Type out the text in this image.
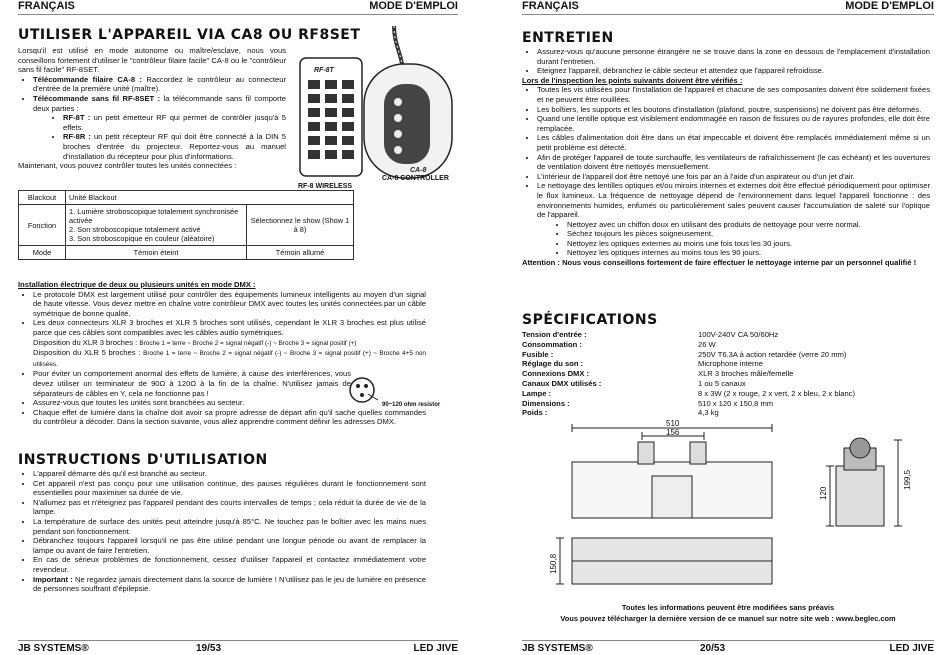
FRANÇAIS	MODE D'EMPLOI
UTILISER L'APPAREIL VIA CA8 OU RF8SET

Lorsqu'il est utilisé en mode autonome ou maître/esclave, nous vous conseillons fortement d'utiliser le "contrôleur filaire facile" CA-8 ou le "contrôleur sans fil facile" RF-8SET.

• Télécommande filaire CA-8 : Raccordez le contrôleur au connecteur d'entrée de la première unité (maître).
• Télécommande sans fil RF-8SET : la télécommande sans fil comporte deux parties :
• RF-8T : un petit émetteur RF qui permet de contrôler jusqu'à 5 effets.
• RF-8R : un petit récepteur RF qui doit être connecté à la DIN 5 broches d'entrée du projecteur. Reportez-vous au manuel d'installation du récepteur pour plus d'informations.

Maintenant, vous pouvez contrôler toutes les unités connectées :

CA-8
RF-8T
RF-8 WIRELESS
CA-8 CONTROLLER
Blackout	Unité Blackout	
Fonction	1. Lumière stroboscopique totalement synchronisée activée
2. Son stroboscopique totalement activé
3. Son stroboscopique en couleur (aléatoire)	Sélectionnez le show (Show 1 à 8)
Mode	Témoin éteint	Témoin allumé

Installation électrique de deux ou plusieurs unités en mode DMX :

• Le protocole DMX est largement utilisé pour contrôler des équipements lumineux intelligents au moyen d'un signal de haute vitesse. Vous devez mettre en chaîne votre contrôleur DMX avec toutes les unités connectées par un câble symétrique de bonne qualité.
• Les deux connecteurs XLR 3 broches et XLR 5 broches sont utilisés, cependant le XLR 3 broches est plus utilisé parce que ces câbles sont compatibles avec les câbles audio symétriques.
Disposition du XLR 3 broches : Broche 1 = terre ~ Broche 2 = signal négatif (-) ~ Broche 3 = signal positif (+)
Disposition du XLR 5 broches : Broche 1 = terre ~ Broche 2 = signal négatif (-) ~ Broche 3 = signal positif (+) ~ Broche 4+5 non utilisées.
• Pour éviter un comportement anormal des effets de lumière, à cause des interférences, vous devez utiliser un terminateur de 90Ω à 120Ω à la fin de la chaîne. N'utilisez jamais de séparateurs de câbles en Y, cela ne fonctionne pas !
• Assurez-vous que toutes les unités sont branchées au secteur.
• Chaque effet de lumière dans la chaîne doit avoir sa propre adresse de départ afin qu'il sache quelles commandes du contrôleur à décoder. Dans la section suivante, vous allez apprendre comment définir les adresses DMX.
90~120 ohm resistor
INSTRUCTIONS D'UTILISATION
• L'appareil démarre dès qu'il est branché au secteur.
• Cet appareil n'est pas conçu pour une utilisation continue, des pauses régulières durant le fonctionnement sont essentielles pour maximiser sa durée de vie.
• N'allumez pas et n'éteignez pas l'appareil pendant des courts intervalles de temps ; cela réduit la durée de vie de la lampe.
• La température de surface des unités peut atteindre jusqu'à 85°C. Ne touchez pas le boîtier avec les mains nues pendant son fonctionnement.
• Débranchez toujours l'appareil lorsqu'il ne pas être utilisé pendant une longue période ou avant de remplacer la lampe ou avant de faire l'entretien.
• En cas de sérieux problèmes de fonctionnement, cessez d'utiliser l'appareil et contactez immédiatement votre revendeur.
• Important : Ne regardez jamais directement dans la source de lumière ! N'utilisez pas le jeu de lumière en présence de personnes souffrant d'épilepsie.
JB SYSTEMS®	19/53	LED JIVE
FRANÇAIS	MODE D'EMPLOI
ENTRETIEN
• Assurez-vous qu'aucune personne étrangère ne se trouve dans la zone en dessous de l'emplacement d'installation durant l'entretien.
• Eteignez l'appareil, débranchez le câble secteur et attendez que l'appareil refroidisse.

Lors de l'inspection les points suivants doivent être vérifiés :

• Toutes les vis utilisées pour l'installation de l'appareil et chacune de ses composantes doivent être solidement fixées et ne peuvent être rouillées.
• Les boîtiers, les supports et les boutons d'installation (plafond, poutre, suspensions) ne doivent pas être déformés.
• Quand une lentille optique est visiblement endommagée en raison de fissures ou de rayures profondes, elle doit être remplacée.
• Les câbles d'alimentation doit être dans un état impeccable et doivent être remplacés immédiatement même si un petit problème est détecté.
• Afin de protéger l'appareil de toute surchauffe, les ventilateurs de rafraîchissement (le cas échéant) et les ouvertures de ventilation doivent être nettoyés mensuellement.
• L'intérieur de l'appareil doit être nettoyé une fois par an à l'aide d'un aspirateur ou d'un jet d'air.
• Le nettoyage des lentilles optiques et/ou miroirs internes et externes doit être effectué périodiquement pour optimiser le flux lumineux. La fréquence de nettoyage dépend de l'environnement dans lequel l'appareil fonctionne : des environnements humides, enfumés ou particulièrement sales peuvent causer l'accumulation de saleté sur l'optique de l'appareil.
• Nettoyez avec un chiffon doux en utilisant des produits de nettoyage pour verre normal.
• Séchez toujours les pièces soigneusement.
• Nettoyez les optiques externes au moins une fois tous les 30 jours.
• Nettoyez les optiques internes au moins tous les 90 jours.

Attention : Nous vous conseillons fortement de faire effectuer le nettoyage interne par un personnel qualifié !

SPÉCIFICATIONS
Tension d'entrée :	100V-240V CA 50/60Hz
Consommation :	26 W
Fusible :	250V T6.3A à action retardée (verre 20 mm)
Réglage du son :	Microphone interne
Connexions DMX :	XLR 3 broches mâle/femelle
Canaux DMX utilisés :	1 ou 5 canaux
Lampe :	8 x 3W (2 x rouge, 2 x vert, 2 x bleu, 2 x blanc)
Dimensions :	510 x 120 x 150,8 mm
Poids :	4,3 kg
510
156
199,5
120
150,8
Toutes les informations peuvent être modifiées sans préavis
Vous pouvez télécharger la dernière version de ce manuel sur notre site web : www.beglec.com
JB SYSTEMS®	20/53	LED JIVE
